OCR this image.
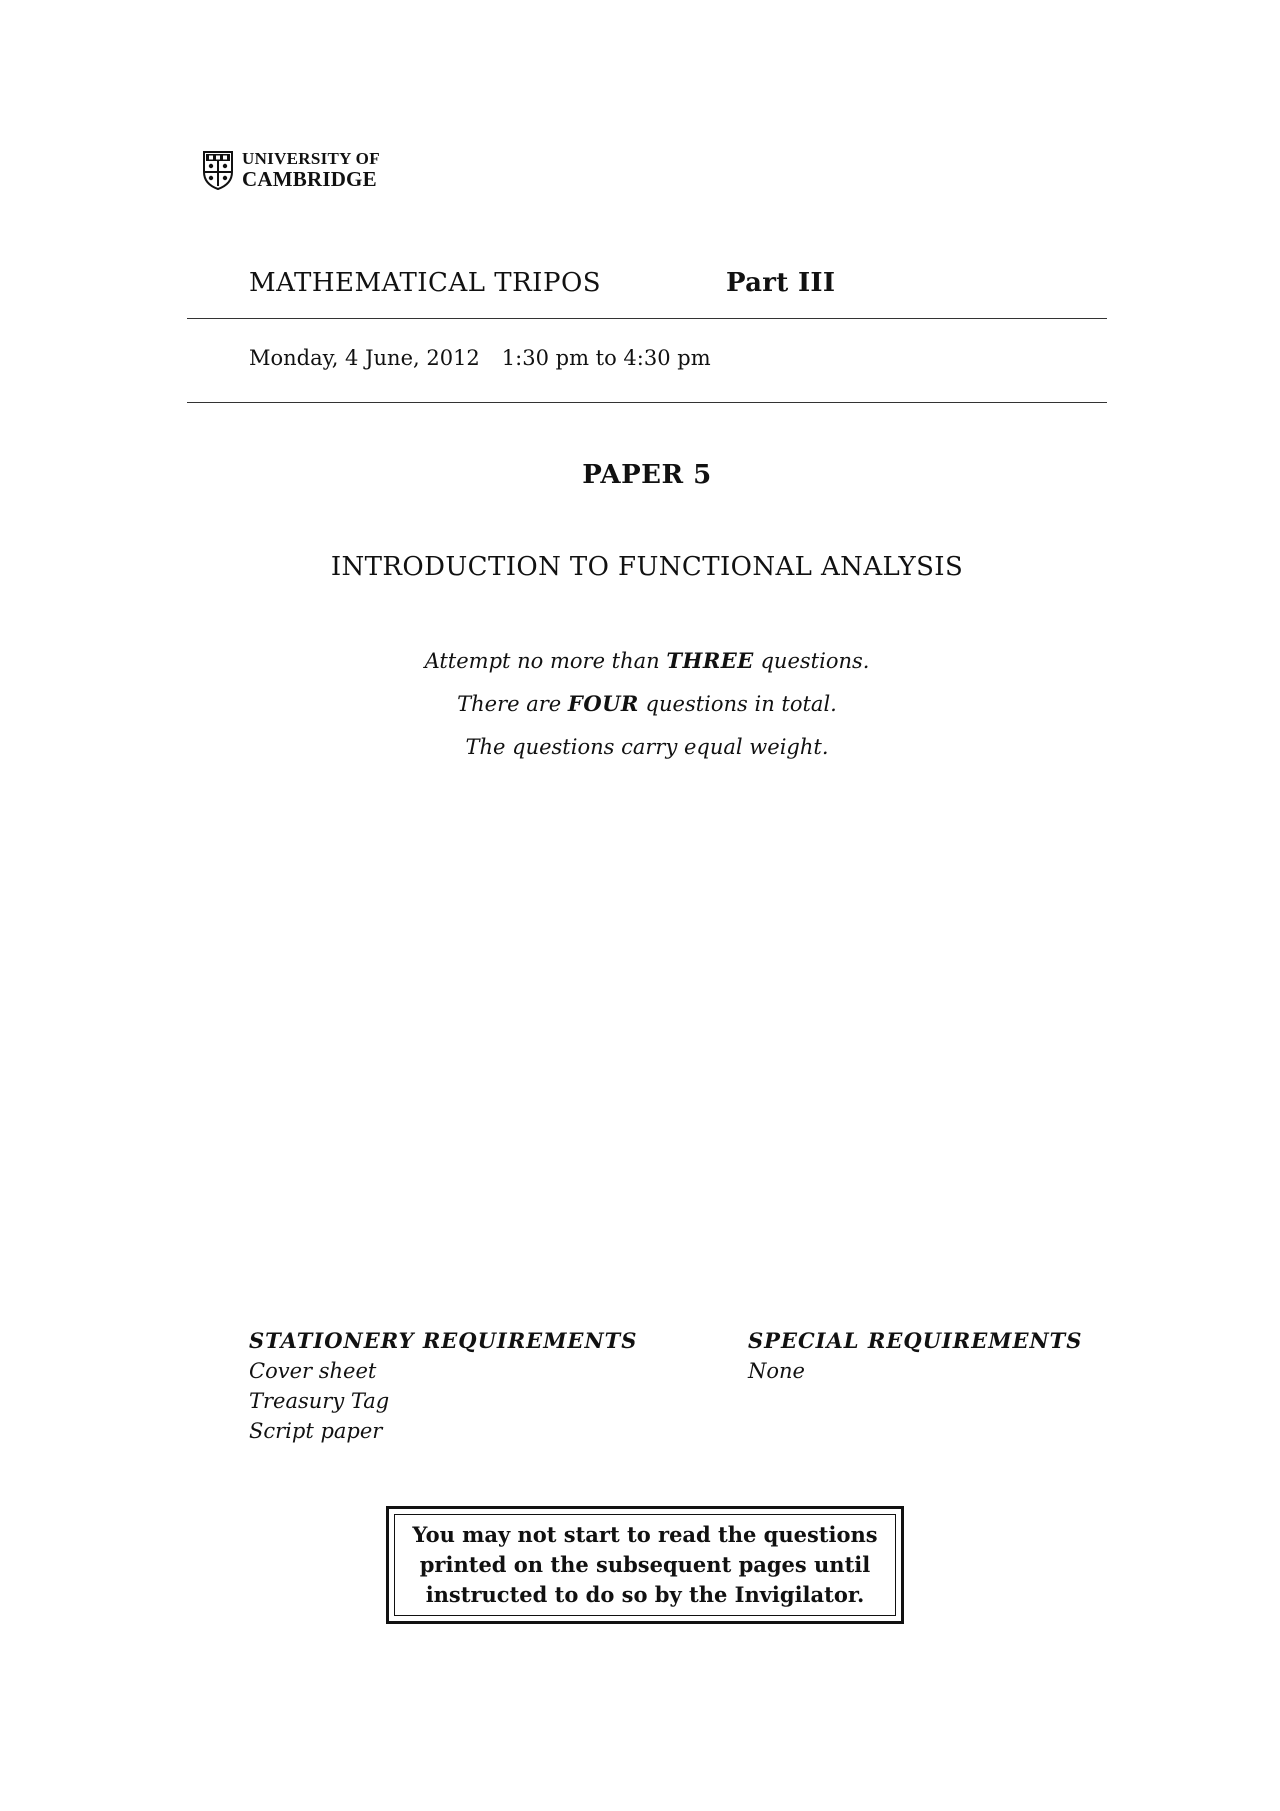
UNIVERSITY OF
CAMBRIDGE
MATHEMATICAL TRIPOS	Part III
Monday, 4 June, 2012 1:30 pm to 4:30 pm
PAPER 5
INTRODUCTION TO FUNCTIONAL ANALYSIS
Attempt no more than THREE questions.
There are FOUR questions in total.
The questions carry equal weight.
STATIONERY REQUIREMENTS
Cover sheet
Treasury Tag
Script paper
SPECIAL REQUIREMENTS
None
You may not start to read the questions
printed on the subsequent pages until
instructed to do so by the Invigilator.
